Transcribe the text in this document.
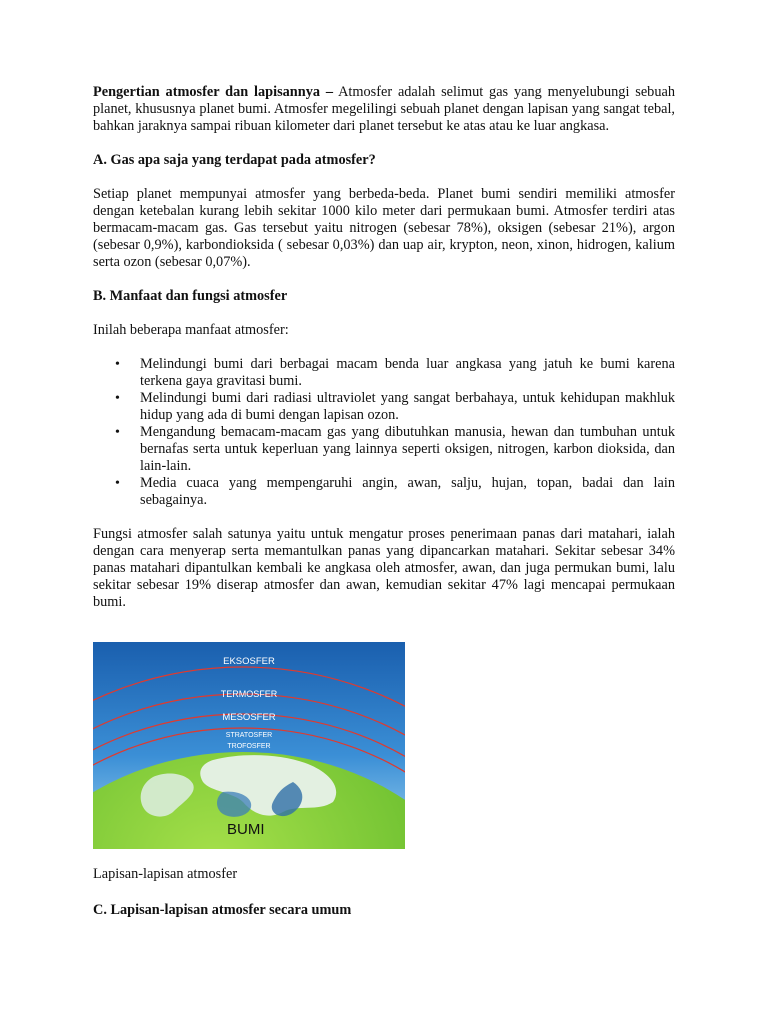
Pengertian atmosfer dan lapisannya – Atmosfer adalah selimut gas yang menyelubungi sebuah planet, khususnya planet bumi. Atmosfer megelilingi sebuah planet dengan lapisan yang sangat tebal, bahkan jaraknya sampai ribuan kilometer dari planet tersebut ke atas atau ke luar angkasa.

A. Gas apa saja yang terdapat pada atmosfer?

Setiap planet mempunyai atmosfer yang berbeda-beda. Planet bumi sendiri memiliki atmosfer dengan ketebalan kurang lebih sekitar 1000 kilo meter dari permukaan bumi. Atmosfer terdiri atas bermacam-macam gas. Gas tersebut yaitu nitrogen (sebesar 78%), oksigen (sebesar 21%), argon (sebesar 0,9%), karbondioksida ( sebesar 0,03%) dan uap air, krypton, neon, xinon, hidrogen, kalium serta ozon (sebesar 0,07%).

B. Manfaat dan fungsi atmosfer

Inilah beberapa manfaat atmosfer:

• Melindungi bumi dari berbagai macam benda luar angkasa yang jatuh ke bumi karena terkena gaya gravitasi bumi.
• Melindungi bumi dari radiasi ultraviolet yang sangat berbahaya, untuk kehidupan makhluk hidup yang ada di bumi dengan lapisan ozon.
• Mengandung bemacam-macam gas yang dibutuhkan manusia, hewan dan tumbuhan untuk bernafas serta untuk keperluan yang lainnya seperti oksigen, nitrogen, karbon dioksida, dan lain-lain.
• Media cuaca yang mempengaruhi angin, awan, salju, hujan, topan, badai dan lain sebagainya.

Fungsi atmosfer salah satunya yaitu untuk mengatur proses penerimaan panas dari matahari, ialah dengan cara menyerap serta memantulkan panas yang dipancarkan matahari. Sekitar sebesar 34% panas matahari dipantulkan kembali ke angkasa oleh atmosfer, awan, dan juga permukan bumi, lalu sekitar sebesar 19% diserap atmosfer dan awan, kemudian sekitar 47% lagi mencapai permukaan bumi.

EKSOSFER
TERMOSFER
MESOSFER
STRATOSFER
TROFOSFER
BUMI
Lapisan-lapisan atmosfer
C. Lapisan-lapisan atmosfer secara umum
